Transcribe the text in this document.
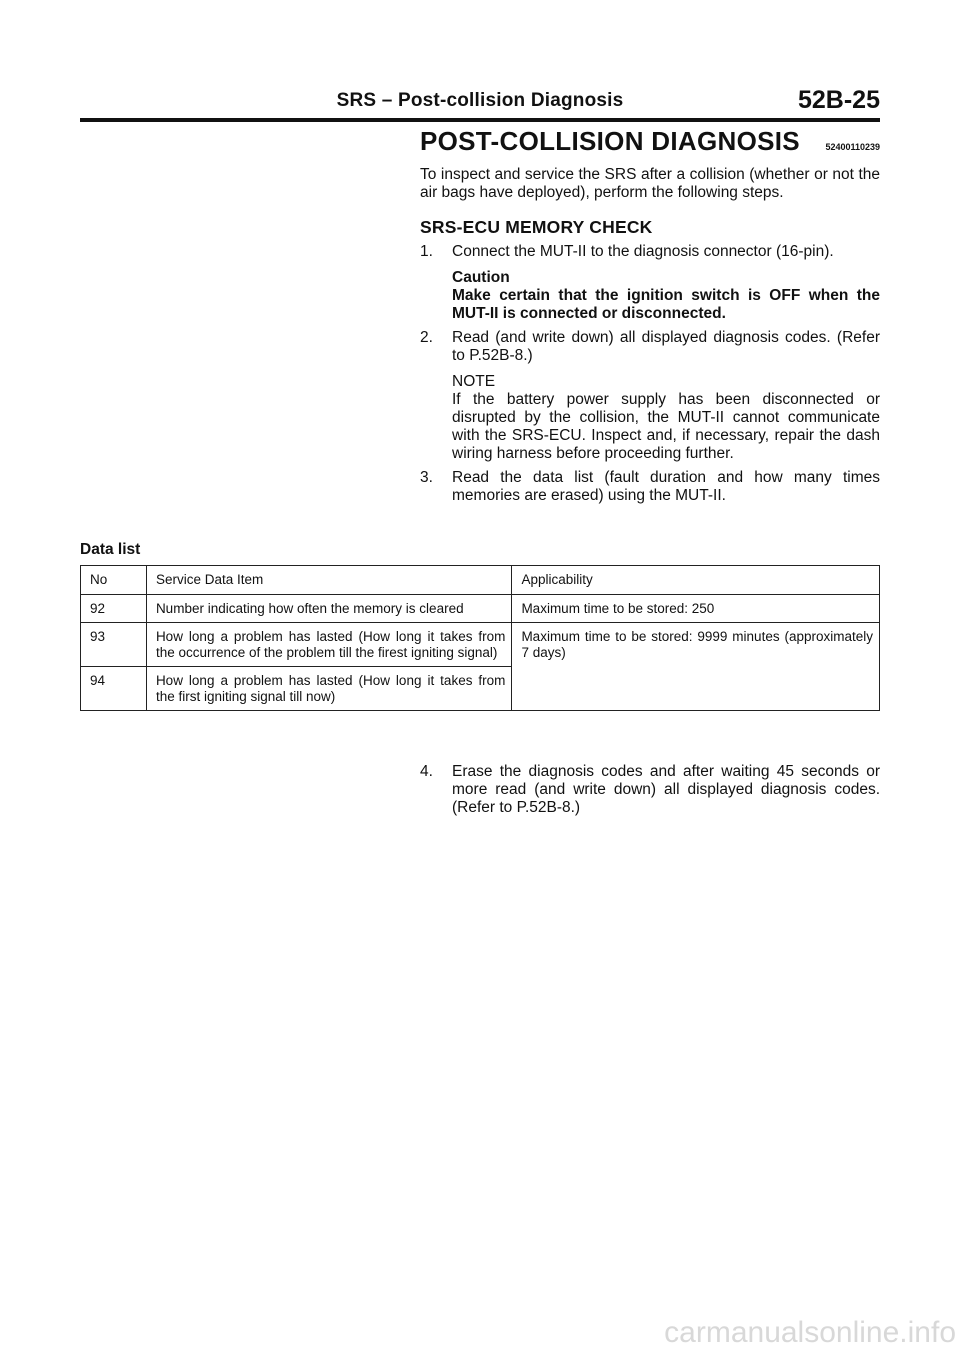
SRS – Post-collision Diagnosis	52B-25
POST-COLLISION DIAGNOSIS	52400110239

To inspect and service the SRS after a collision (whether or not the air bags have deployed), perform the following steps.

SRS-ECU MEMORY CHECK
1.	Connect the MUT-II to the diagnosis connector (16-pin).

Caution

Make certain that the ignition switch is OFF when the MUT-II is connected or disconnected.

2.	Read (and write down) all displayed diagnosis codes. (Refer to P.52B-8.)

NOTE

If the battery power supply has been disconnected or disrupted by the collision, the MUT-II cannot communicate with the SRS-ECU. Inspect and, if necessary, repair the dash wiring harness before proceeding further.

3.	Read the data list (fault duration and how many times memories are erased) using the MUT-II.

Data list
No	Service Data Item	Applicability
92	Number indicating how often the memory is cleared	Maximum time to be stored: 250
93	How long a problem has lasted (How long it takes from the occurrence of the problem till the firest igniting signal)	Maximum time to be stored: 9999 minutes (approximately 7 days)
94	How long a problem has lasted (How long it takes from the first igniting signal till now)	
4.	Erase the diagnosis codes and after waiting 45 seconds or more read (and write down) all displayed diagnosis codes. (Refer to P.52B-8.)

carmanualsonline.info
